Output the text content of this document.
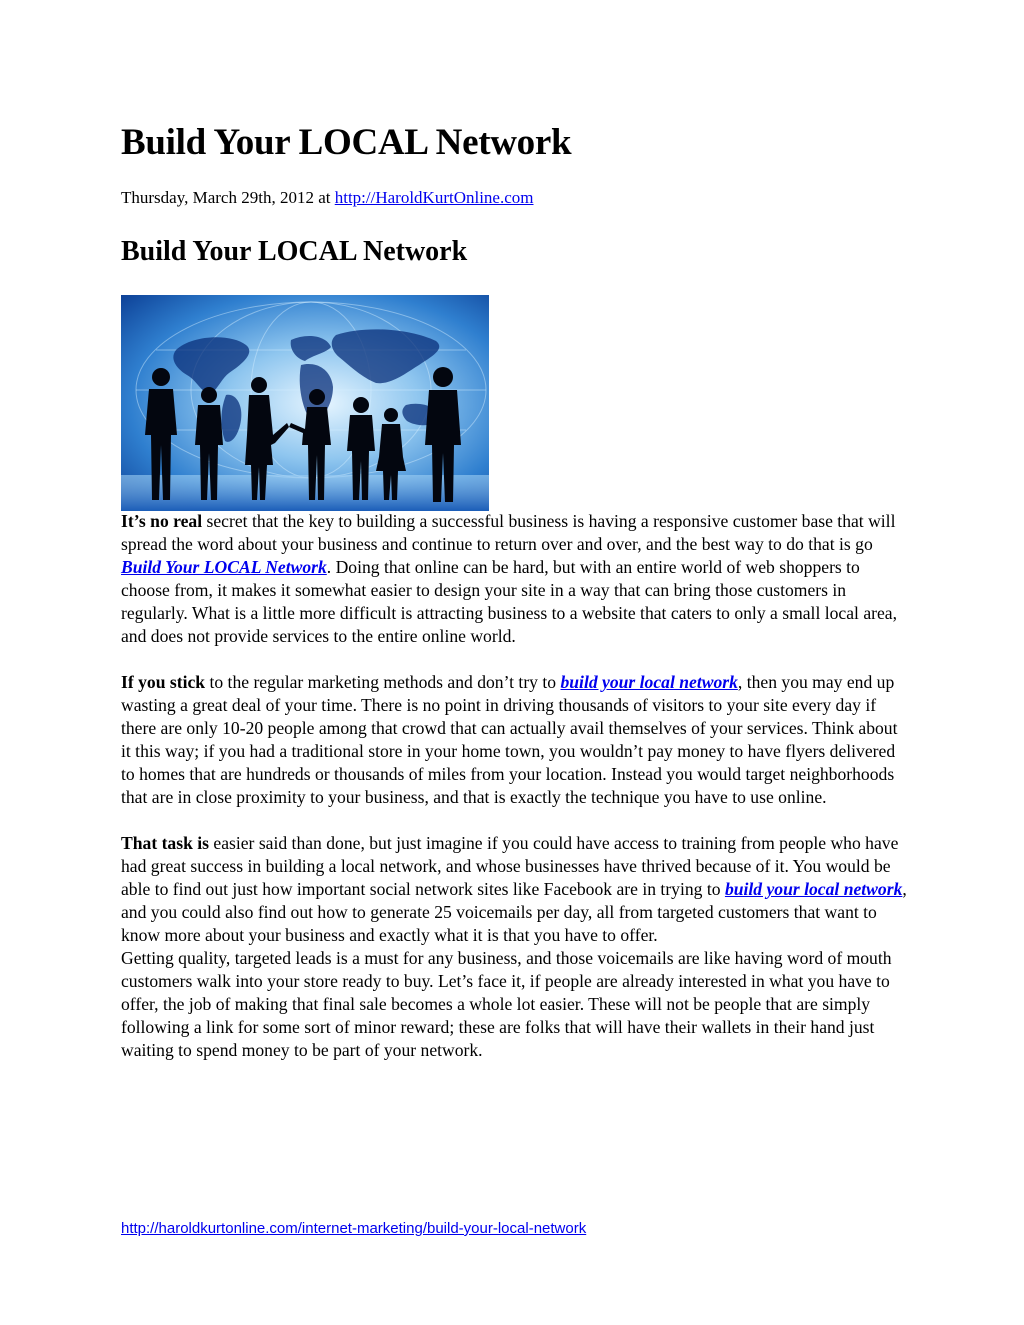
Build Your LOCAL Network
Thursday, March 29th, 2012 at http://HaroldKurtOnline.com
Build Your LOCAL Network

It’s no real secret that the key to building a successful business is having a responsive customer base that will spread the word about your business and continue to return over and over, and the best way to do that is go Build Your LOCAL Network. Doing that online can be hard, but with an entire world of web shoppers to choose from, it makes it somewhat easier to design your site in a way that can bring those customers in regularly. What is a little more difficult is attracting business to a website that caters to only a small local area, and does not provide services to the entire online world.

If you stick to the regular marketing methods and don’t try to build your local network, then you may end up wasting a great deal of your time. There is no point in driving thousands of visitors to your site every day if there are only 10-20 people among that crowd that can actually avail themselves of your services. Think about it this way; if you had a traditional store in your home town, you wouldn’t pay money to have flyers delivered to homes that are hundreds or thousands of miles from your location. Instead you would target neighborhoods that are in close proximity to your business, and that is exactly the technique you have to use online.

That task is easier said than done, but just imagine if you could have access to training from people who have had great success in building a local network, and whose businesses have thrived because of it. You would be able to find out just how important social network sites like Facebook are in trying to build your local network, and you could also find out how to generate 25 voicemails per day, all from targeted customers that want to know more about your business and exactly what it is that you have to offer.

Getting quality, targeted leads is a must for any business, and those voicemails are like having word of mouth customers walk into your store ready to buy. Let’s face it, if people are already interested in what you have to offer, the job of making that final sale becomes a whole lot easier. These will not be people that are simply following a link for some sort of minor reward; these are folks that will have their wallets in their hand just waiting to spend money to be part of your network.

http://haroldkurtonline.com/internet-marketing/build-your-local-network
